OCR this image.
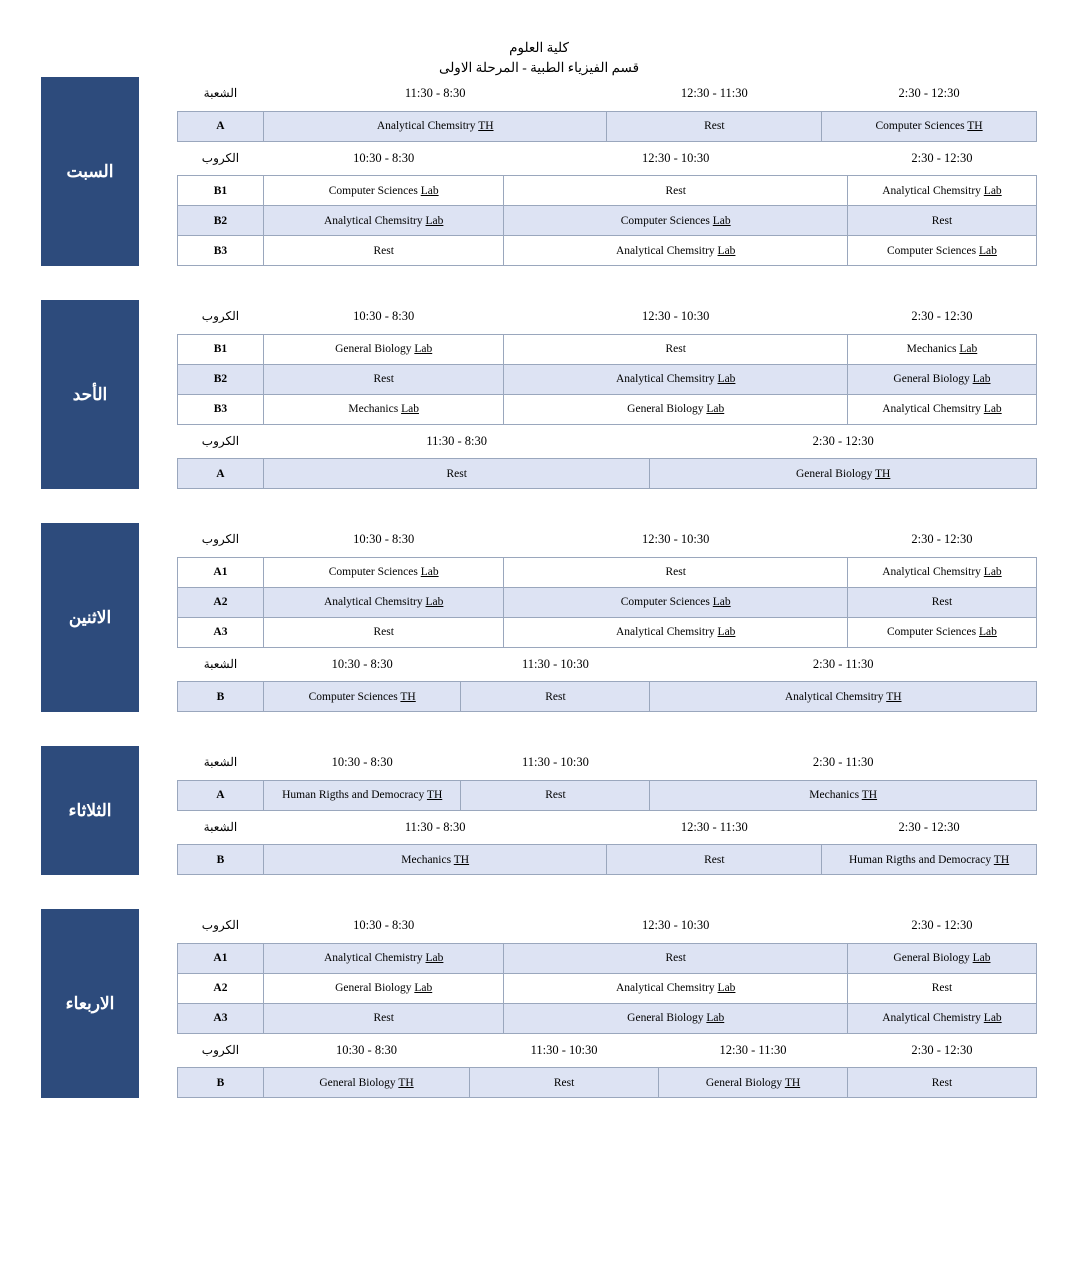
كلية العلوم
قسم الفيزياء الطبية - المرحلة الاولى
السبت
2:30 - 12:30	12:30 - 11:30	11:30 - 8:30	الشعبة
Computer Sciences TH	Rest	Analytical Chemsitry TH	A
2:30 - 12:30	12:30 - 10:30	10:30 - 8:30	الكروب
Analytical Chemsitry Lab	Rest	Computer Sciences Lab	B1
Rest	Computer Sciences Lab	Analytical Chemsitry Lab	B2
Computer Sciences Lab	Analytical Chemsitry Lab	Rest	B3
الأحد
2:30 - 12:30	12:30 - 10:30	10:30 - 8:30	الكروب
Mechanics Lab	Rest	General Biology Lab	B1
General Biology Lab	Analytical Chemsitry Lab	Rest	B2
Analytical Chemsitry Lab	General Biology Lab	Mechanics Lab	B3
2:30 - 12:30	11:30 - 8:30	الكروب
General Biology TH	Rest	A
الاثنين
2:30 - 12:30	12:30 - 10:30	10:30 - 8:30	الكروب
Analytical Chemsitry Lab	Rest	Computer Sciences Lab	A1
Rest	Computer Sciences Lab	Analytical Chemsitry Lab	A2
Computer Sciences Lab	Analytical Chemsitry Lab	Rest	A3
2:30 - 11:30	11:30 - 10:30	10:30 - 8:30	الشعبة
Analytical Chemsitry TH	Rest	Computer Sciences TH	B
الثلاثاء
2:30 - 11:30	11:30 - 10:30	10:30 - 8:30	الشعبة
Mechanics TH	Rest	Human Rigths and Democracy TH	A
2:30 - 12:30	12:30 - 11:30	11:30 - 8:30	الشعبة
Human Rigths and Democracy TH	Rest	Mechanics TH	B
الاربعاء
2:30 - 12:30	12:30 - 10:30	10:30 - 8:30	الكروب
General Biology Lab	Rest	Analytical Chemistry Lab	A1
Rest	Analytical Chemsitry Lab	General Biology Lab	A2
Analytical Chemistry Lab	General Biology Lab	Rest	A3
2:30 - 12:30	12:30 - 11:30	11:30 - 10:30	10:30 - 8:30	الكروب
Rest	General Biology TH	Rest	General Biology TH	B
